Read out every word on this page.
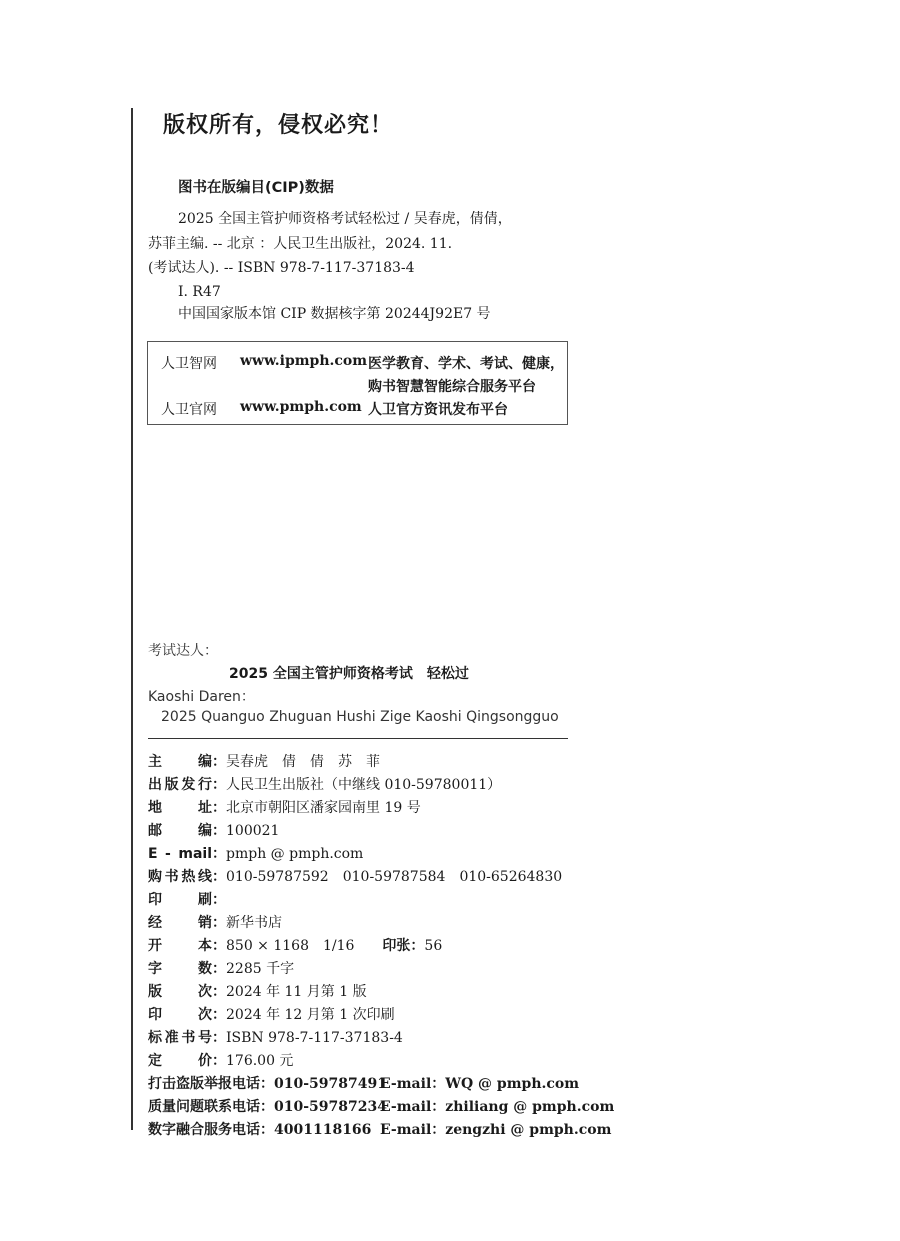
版权所有，侵权必究！
图书在版编目(CIP)数据
2025 全国主管护师资格考试轻松过 / 吴春虎，倩倩，
苏菲主编. -- 北京 ：人民卫生出版社，2024. 11.
(考试达人). -- ISBN 978-7-117-37183-4
Ⅰ. R47
中国国家版本馆 CIP 数据核字第 20244J92E7 号
人卫智网 www.ipmph.com 医学教育、学术、考试、健康，
购书智慧智能综合服务平台
人卫官网 www.pmph.com 人卫官方资讯发布平台
考试达人：
2025 全国主管护师资格考试 轻松过
Kaoshi Daren：
2025 Quanguo Zhuguan Hushi Zige Kaoshi Qingsongguo
主　　编：吴春虎　倩　倩　苏　菲
出版发行：人民卫生出版社（中继线 010-59780011）
地　　址：北京市朝阳区潘家园南里 19 号
邮　　编：100021
E - mail：pmph @ pmph.com
购书热线：010-59787592 010-59787584 010-65264830
印　　刷：
经　　销：新华书店
开　　本：850 × 1168　1/16 印张：56
字　　数：2285 千字
版　　次：2024 年 11 月第 1 版
印　　次：2024 年 12 月第 1 次印刷
标准书号：ISBN 978-7-117-37183-4
定　　价：176.00 元
打击盗版举报电话：010-59787491
E-mail：WQ @ pmph.com
质量问题联系电话：010-59787234
E-mail：zhiliang @ pmph.com
数字融合服务电话：4001118166 E-mail：zengzhi @ pmph.com
